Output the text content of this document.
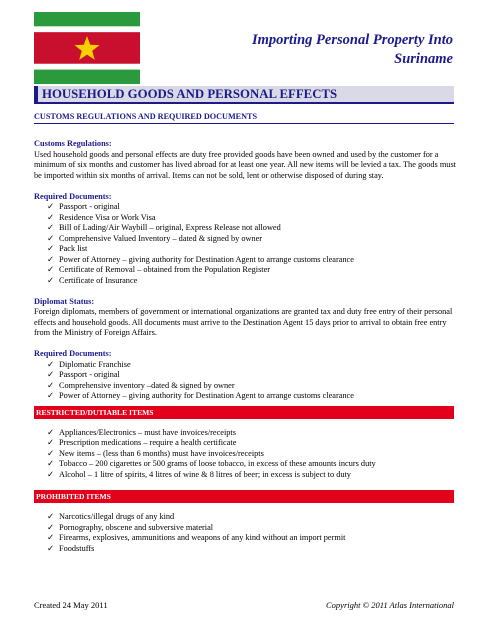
Importing Personal Property Into
Suriname
HOUSEHOLD GOODS AND PERSONAL EFFECTS
CUSTOMS REGULATIONS AND REQUIRED DOCUMENTS

Customs Regulations:

Used household goods and personal effects are duty free provided goods have been owned and used by the customer for a minimum of six months and customer has lived abroad for at least one year. All new items will be levied a tax. The goods must be imported within six months of arrival. Items can not be sold, lent or otherwise disposed of during stay.

Required Documents:

✓ Passport - original
✓ Residence Visa or Work Visa
✓ Bill of Lading/Air Waybill – original, Express Release not allowed
✓ Comprehensive Valued Inventory – dated & signed by owner
✓ Pack list
✓ Power of Attorney – giving authority for Destination Agent to arrange customs clearance
✓ Certificate of Removal – obtained from the Population Register
✓ Certificate of Insurance

Diplomat Status:

Foreign diplomats, members of government or international organizations are granted tax and duty free entry of their personal effects and household goods. All documents must arrive to the Destination Agent 15 days prior to arrival to obtain free entry from the Ministry of Foreign Affairs.

Required Documents:

✓ Diplomatic Franchise
✓ Passport - original
✓ Comprehensive inventory –dated & signed by owner
✓ Power of Attorney – giving authority for Destination Agent to arrange customs clearance
RESTRICTED/DUTIABLE ITEMS
✓ Appliances/Electronics – must have invoices/receipts
✓ Prescription medications – require a health certificate
✓ New items – (less than 6 months) must have invoices/receipts
✓ Tobacco – 200 cigarettes or 500 grams of loose tobacco, in excess of these amounts incurs duty
✓ Alcohol – 1 litre of spirits, 4 litres of wine & 8 litres of beer; in excess is subject to duty
PROHIBITED ITEMS
✓ Narcotics/illegal drugs of any kind
✓ Pornography, obscene and subversive material
✓ Firearms, explosives, ammunitions and weapons of any kind without an import permit
✓ Foodstuffs
Created 24 May 2011	Copyright © 2011 Atlas International
